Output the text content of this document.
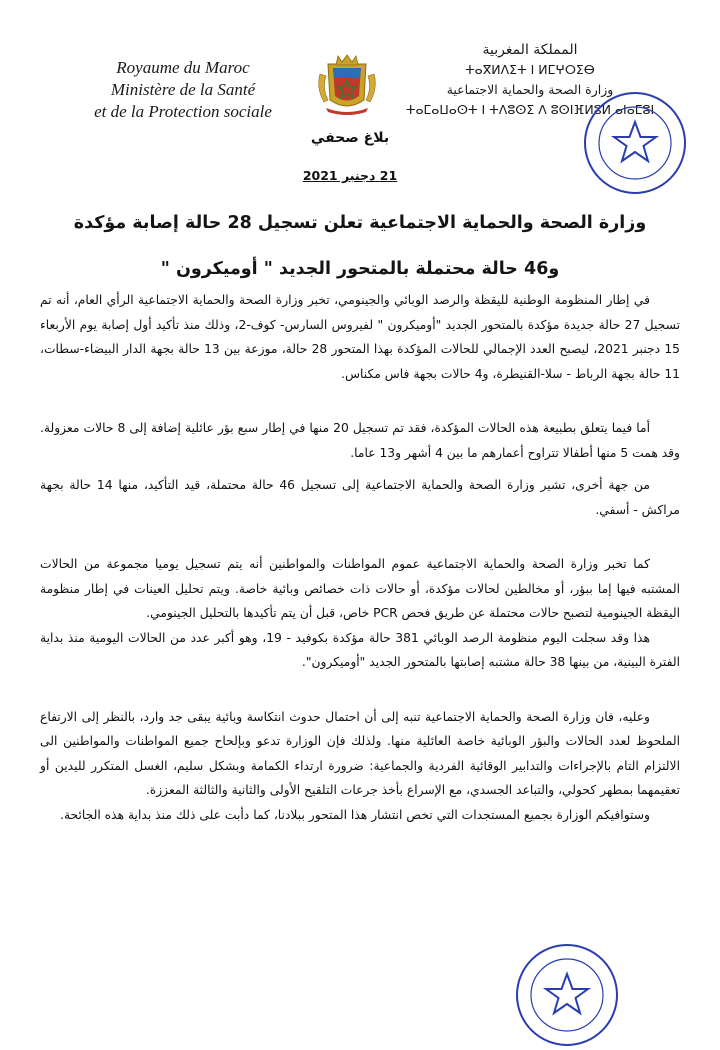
Royaume du Maroc
Ministère de la Santé
et de la Protection sociale
المملكة المغربية
ⵜⴰⴳⵍⴷⵉⵜ ⵏ ⵍⵎⵖⵔⵉⴱ
وزارة الصحة والحماية الاجتماعية
ⵜⴰⵎⴰⵡⴰⵙⵜ ⵏ ⵜⴷⵓⵙⵉ ⴷ ⵓⵙⵏⴼⵍⵓⵍ ⴰⵏⴰⵎⵓⵏ
بلاغ صحفي
21 دجنبر 2021
وزارة الصحة والحماية الاجتماعية تعلن تسجيل 28 حالة إصابة مؤكدة
و46 حالة محتملة بالمتحور الجديد " أوميكرون "

في إطار المنظومة الوطنية لليقظة والرصد الوبائي والجينومي، تخبر وزارة الصحة والحماية الاجتماعية الرأي العام، أنه تم تسجيل 27 حالة جديدة مؤكدة بالمتحور الجديد "أوميكرون " لفيروس السارس- كوف-2، وذلك منذ تأكيد أول إصابة يوم الأربعاء 15 دجنبر 2021، ليصبح العدد الإجمالي للحالات المؤكدة بهذا المتحور 28 حالة، موزعة بين 13 حالة بجهة الدار البيضاء-سطات، 11 حالة بجهة الرباط - سلا-القنيطرة، و4 حالات بجهة فاس مكناس.

أما فيما يتعلق بطبيعة هذه الحالات المؤكدة، فقد تم تسجيل 20 منها في إطار سبع بؤر عائلية إضافة إلى 8 حالات معزولة. وقد همت 5 منها أطفالا تتراوح أعمارهم ما بين 4 أشهر و13 عاما.

من جهة أخرى، تشير وزارة الصحة والحماية الاجتماعية إلى تسجيل 46 حالة محتملة، قيد التأكيد، منها 14 حالة بجهة مراكش - أسفي.

كما تخبر وزارة الصحة والحماية الاجتماعية عموم المواطنات والمواطنين أنه يتم تسجيل يوميا مجموعة من الحالات المشتبه فيها إما ببؤر، أو مخالطين لحالات مؤكدة، أو حالات ذات خصائص وبائية خاصة. ويتم تحليل العينات في إطار منظومة اليقظة الجينومية لتصبح حالات محتملة عن طريق فحص PCR خاص، قبل أن يتم تأكيدها بالتحليل الجينومي.

هذا وقد سجلت اليوم منظومة الرصد الوبائي 381 حالة مؤكدة بكوفيد - 19، وهو أكبر عدد من الحالات اليومية منذ بداية الفترة البينية، من بينها 38 حالة مشتبه إصابتها بالمتحور الجديد "أوميكرون".

وعليه، فان وزارة الصحة والحماية الاجتماعية تنبه إلى أن احتمال حدوث انتكاسة وبائية يبقى جد وارد، بالنظر إلى الارتفاع الملحوظ لعدد الحالات والبؤر الوبائية خاصة العائلية منها. ولذلك فإن الوزارة تدعو وبإلحاح جميع المواطنات والمواطنين الى الالتزام التام بالإجراءات والتدابير الوقائية الفردية والجماعية: ضرورة ارتداء الكمامة وبشكل سليم، الغسل المتكرر لليدين أو تعقيمهما بمطهر كحولي، والتباعد الجسدي، مع الإسراع بأخذ جرعات التلقيح الأولى والثانية والثالثة المعززة.

وستوافيكم الوزارة بجميع المستجدات التي تخص انتشار هذا المتحور ببلادنا، كما دأبت على ذلك منذ بداية هذه الجائحة.
